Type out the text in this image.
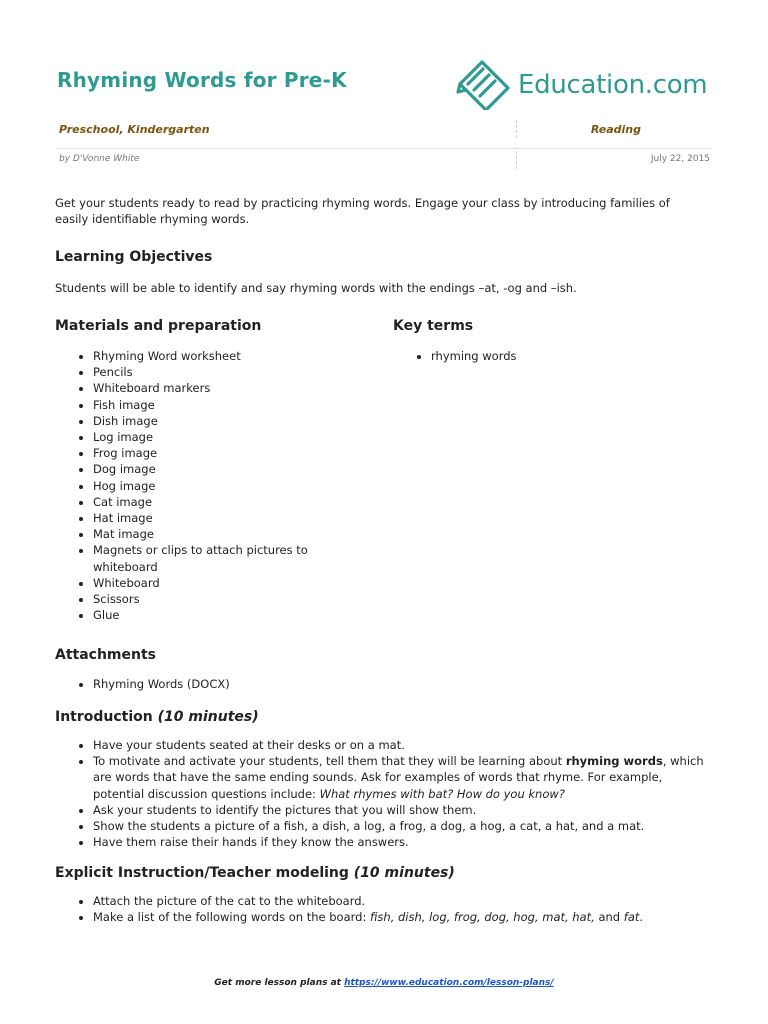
Rhyming Words for Pre-K	Education.com
Preschool, Kindergarten	Reading
by D'Vonne White	July 22, 2015

Get your students ready to read by practicing rhyming words. Engage your class by introducing families of easily identifiable rhyming words.

Learning Objectives

Students will be able to identify and say rhyming words with the endings –at, -og and –ish.

Materials and preparation
• Rhyming Word worksheet
• Pencils
• Whiteboard markers
• Fish image
• Dish image
• Log image
• Frog image
• Dog image
• Hog image
• Cat image
• Hat image
• Mat image
• Magnets or clips to attach pictures to whiteboard
• Whiteboard
• Scissors
• Glue
Key terms
• rhyming words
Attachments
• Rhyming Words (DOCX)
Introduction (10 minutes)
• Have your students seated at their desks or on a mat.
• To motivate and activate your students, tell them that they will be learning about rhyming words, which are words that have the same ending sounds. Ask for examples of words that rhyme. For example, potential discussion questions include: What rhymes with bat? How do you know?
• Ask your students to identify the pictures that you will show them.
• Show the students a picture of a fish, a dish, a log, a frog, a dog, a hog, a cat, a hat, and a mat.
• Have them raise their hands if they know the answers.
Explicit Instruction/Teacher modeling (10 minutes)
• Attach the picture of the cat to the whiteboard.
• Make a list of the following words on the board: fish, dish, log, frog, dog, hog, mat, hat, and fat.
Get more lesson plans at https://www.education.com/lesson-plans/
